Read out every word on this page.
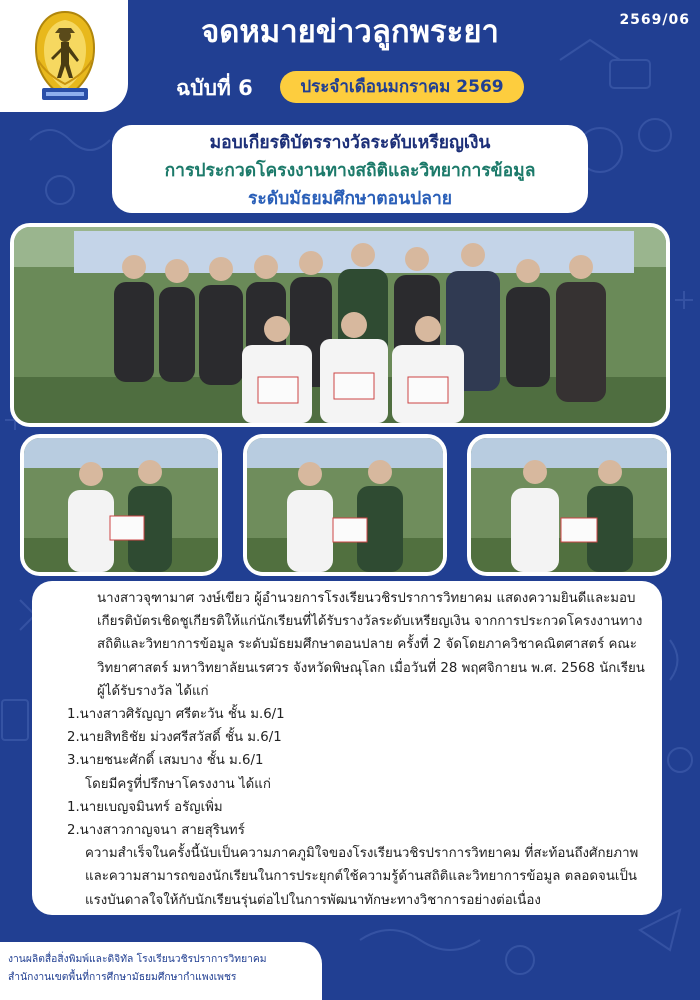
2569/06
จดหมายข่าวลูกพระยา
ฉบับที่ 6	ประจำเดือนมกราคม 2569
มอบเกียรติบัตรรางวัลระดับเหรียญเงิน
การประกวดโครงงานทางสถิติและวิทยาการข้อมูล
ระดับมัธยมศึกษาตอนปลาย
นางสาวจุฑามาศ วงษ์เขียว ผู้อำนวยการโรงเรียนวชิรปราการวิทยาคม แสดงความยินดีและมอบเกียรติบัตรเชิดชูเกียรติให้แก่นักเรียนที่ได้รับรางวัลระดับเหรียญเงิน จากการประกวดโครงงานทางสถิติและวิทยาการข้อมูล ระดับมัธยมศึกษาตอนปลาย ครั้งที่ 2 จัดโดยภาควิชาคณิตศาสตร์ คณะวิทยาศาสตร์ มหาวิทยาลัยนเรศวร จังหวัดพิษณุโลก เมื่อวันที่ 28 พฤศจิกายน พ.ศ. 2568 นักเรียนผู้ได้รับรางวัล ได้แก่
1.นางสาวศิรัญญา ศรีตะวัน ชั้น ม.6/1
2.นายสิทธิชัย ม่วงศรีสวัสดิ์ ชั้น ม.6/1
3.นายชนะศักดิ์ เสมบาง ชั้น ม.6/1
โดยมีครูที่ปรึกษาโครงงาน ได้แก่
1.นายเบญจมินทร์ อรัญเพิ่ม
2.นางสาวกาญจนา สายสุรินทร์
ความสำเร็จในครั้งนี้นับเป็นความภาคภูมิใจของโรงเรียนวชิรปราการวิทยาคม ที่สะท้อนถึงศักยภาพและความสามารถของนักเรียนในการประยุกต์ใช้ความรู้ด้านสถิติและวิทยาการข้อมูล ตลอดจนเป็นแรงบันดาลใจให้กับนักเรียนรุ่นต่อไปในการพัฒนาทักษะทางวิชาการอย่างต่อเนื่อง
งานผลิตสื่อสิ่งพิมพ์และดิจิทัล โรงเรียนวชิรปราการวิทยาคม
สำนักงานเขตพื้นที่การศึกษามัธยมศึกษากำแพงเพชร
